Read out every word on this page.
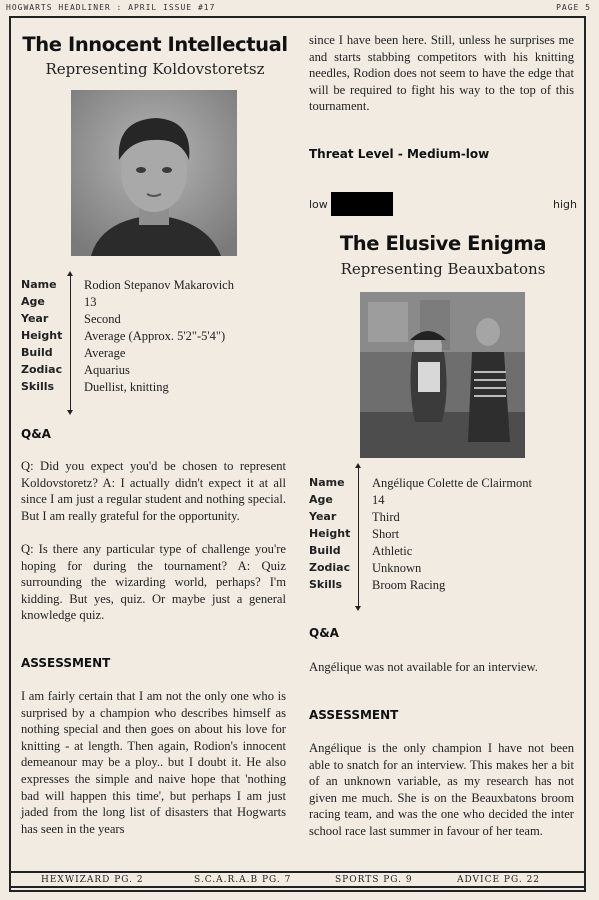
HOGWARTS HEADLINER : APRIL ISSUE #17	PAGE 5
The Innocent Intellectual
Representing Koldovstoretsz
Name Rodion Stepanov Makarovich
Age	13
Year	Second
Height Average (Approx. 5'2"-5'4")
Build	Average
Zodiac Aquarius
Skills Duellist, knitting
Q&A

Q: Did you expect you'd be chosen to represent Koldovstoretz? A: I actually didn't expect it at all since I am just a regular student and nothing special. But I am really grateful for the opportunity.

Q: Is there any particular type of challenge you're hoping for during the tournament? A: Quiz surrounding the wizarding world, perhaps? I'm kidding. But yes, quiz. Or maybe just a general knowledge quiz.

ASSESSMENT

I am fairly certain that I am not the only one who is surprised by a champion who describes himself as nothing special and then goes on about his love for knitting - at length. Then again, Rodion's innocent demeanour may be a ploy.. but I doubt it. He also expresses the simple and naive hope that 'nothing bad will happen this time', but perhaps I am just jaded from the long list of disasters that Hogwarts has seen in the years

since I have been here. Still, unless he surprises me and starts stabbing competitors with his knitting needles, Rodion does not seem to have the edge that will be required to fight his way to the top of this tournament.

Threat Level - Medium-low
low	high
The Elusive Enigma
Representing Beauxbatons
Name Angélique Colette de Clairmont
Age	14
Year	Third
Height Short
Build	Athletic
Zodiac Unknown
Skills Broom Racing
Q&A

Angélique was not available for an interview.

ASSESSMENT

Angélique is the only champion I have not been able to snatch for an interview. This makes her a bit of an unknown variable, as my research has not given me much. She is on the Beauxbatons broom racing team, and was the one who decided the inter school race last summer in favour of her team.

HEXWIZARD PG. 2	S.C.A.R.A.B PG. 7	SPORTS PG. 9	ADVICE PG. 22
